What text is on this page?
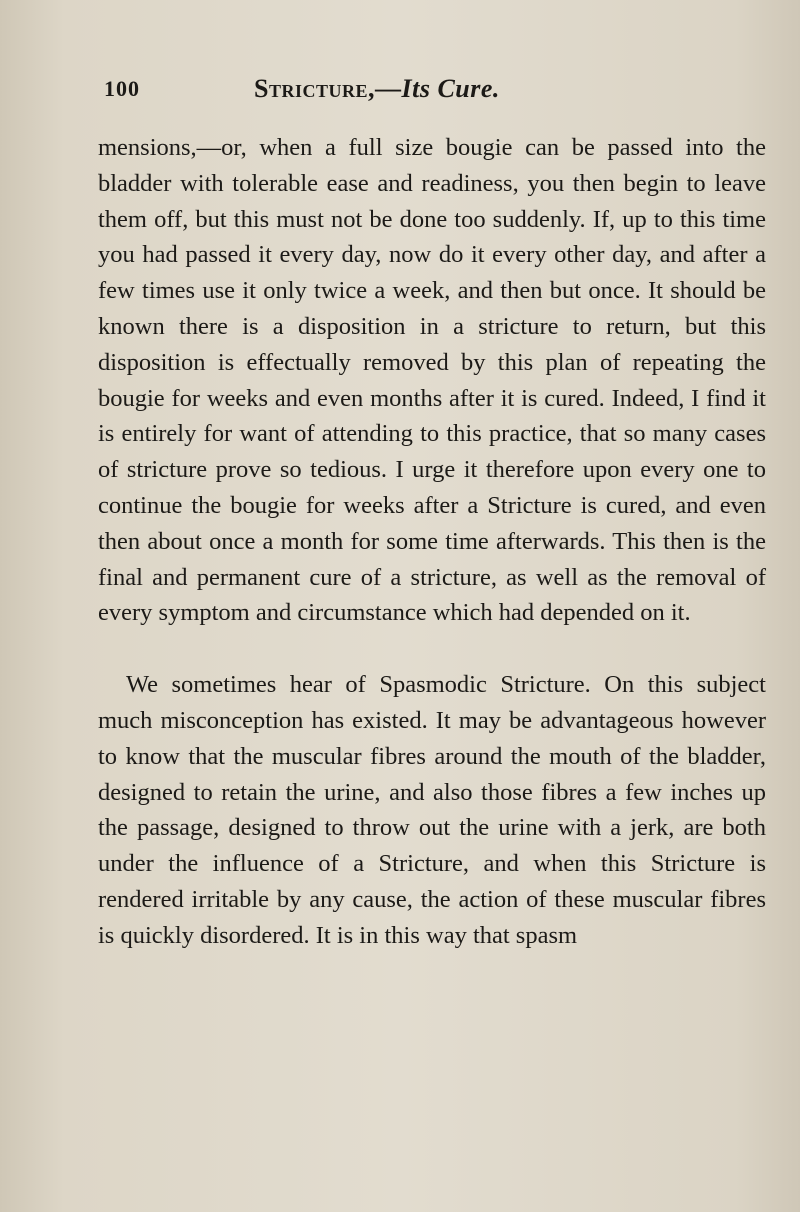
100	Stricture,—Its Cure.

mensions,—or, when a full size bougie can be passed into the bladder with tolerable ease and readiness, you then begin to leave them off, but this must not be done too suddenly. If, up to this time you had passed it every day, now do it every other day, and after a few times use it only twice a week, and then but once. It should be known there is a disposition in a stricture to return, but this disposition is effectually removed by this plan of repeating the bougie for weeks and even months after it is cured. Indeed, I find it is entirely for want of attending to this practice, that so many cases of stricture prove so tedious. I urge it therefore upon every one to continue the bougie for weeks after a Stricture is cured, and even then about once a month for some time afterwards. This then is the final and permanent cure of a stricture, as well as the removal of every symptom and circumstance which had depended on it.

We sometimes hear of Spasmodic Stricture. On this subject much misconception has existed. It may be advantageous however to know that the muscular fibres around the mouth of the bladder, designed to retain the urine, and also those fibres a few inches up the passage, designed to throw out the urine with a jerk, are both under the influence of a Stricture, and when this Stricture is rendered irritable by any cause, the action of these muscular fibres is quickly disordered. It is in this way that spasm
